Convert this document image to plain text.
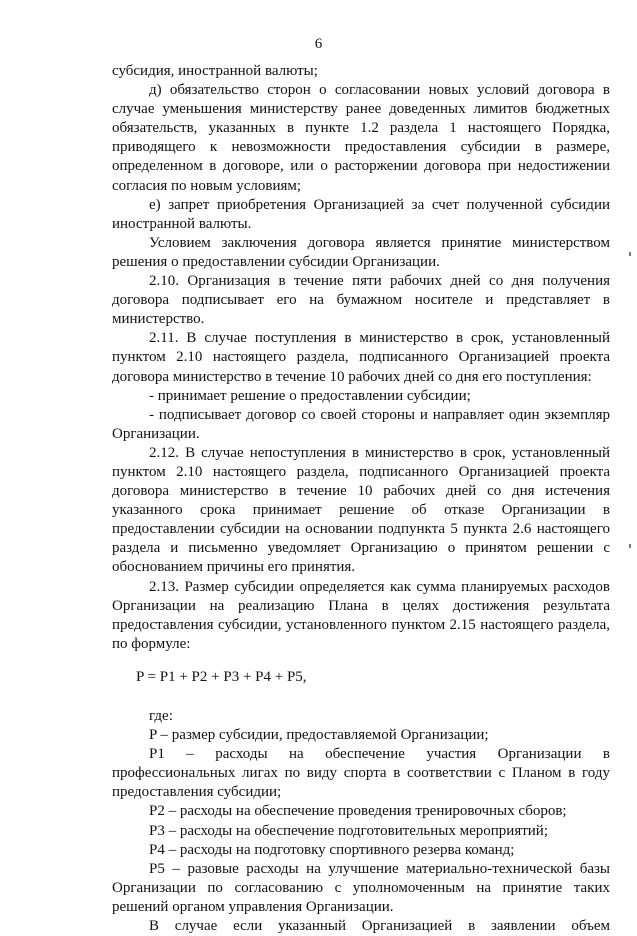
6

субсидия, иностранной валюты;

д) обязательство сторон о согласовании новых условий договора в случае уменьшения министерству ранее доведенных лимитов бюджетных обязательств, указанных в пункте 1.2 раздела 1 настоящего Порядка, приводящего к невозможности предоставления субсидии в размере, определенном в договоре, или о расторжении договора при недостижении согласия по новым условиям;

е) запрет приобретения Организацией за счет полученной субсидии иностранной валюты.

Условием заключения договора является принятие министерством решения о предоставлении субсидии Организации.

2.10. Организация в течение пяти рабочих дней со дня получения договора подписывает его на бумажном носителе и представляет в министерство.

2.11. В случае поступления в министерство в срок, установленный пунктом 2.10 настоящего раздела, подписанного Организацией проекта договора министерство в течение 10 рабочих дней со дня его поступления:

- принимает решение о предоставлении субсидии;

- подписывает договор со своей стороны и направляет один экземпляр Организации.

2.12. В случае непоступления в министерство в срок, установленный пунктом 2.10 настоящего раздела, подписанного Организацией проекта договора министерство в течение 10 рабочих дней со дня истечения указанного срока принимает решение об отказе Организации в предоставлении субсидии на основании подпункта 5 пункта 2.6 настоящего раздела и письменно уведомляет Организацию о принятом решении с обоснованием причины его принятия.

2.13. Размер субсидии определяется как сумма планируемых расходов Организации на реализацию Плана в целях достижения результата предоставления субсидии, установленного пунктом 2.15 настоящего раздела, по формуле:

P = P1 + P2 + P3 + P4 + P5,

где:

P – размер субсидии, предоставляемой Организации;

P1 – расходы на обеспечение участия Организации в профессиональных лигах по виду спорта в соответствии с Планом в году предоставления субсидии;

P2 – расходы на обеспечение проведения тренировочных сборов;

P3 – расходы на обеспечение подготовительных мероприятий;

P4 – расходы на подготовку спортивного резерва команд;

P5 – разовые расходы на улучшение материально-технической базы Организации по согласованию с уполномоченным на принятие таких решений органом управления Организации.

В случае если указанный Организацией в заявлении объем
